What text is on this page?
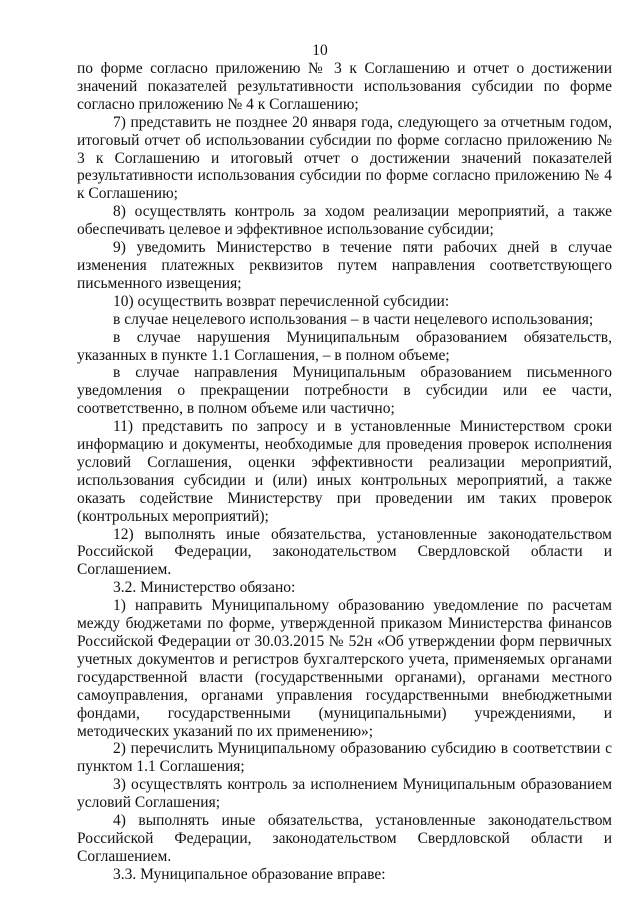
10

по форме согласно приложению № 3 к Соглашению и отчет о достижении значений показателей результативности использования субсидии по форме согласно приложению № 4 к Соглашению;

7) представить не позднее 20 января года, следующего за отчетным годом, итоговый отчет об использовании субсидии по форме согласно приложению № 3 к Соглашению и итоговый отчет о достижении значений показателей результативности использования субсидии по форме согласно приложению № 4 к Соглашению;

8) осуществлять контроль за ходом реализации мероприятий, а также обеспечивать целевое и эффективное использование субсидии;

9) уведомить Министерство в течение пяти рабочих дней в случае изменения платежных реквизитов путем направления соответствующего письменного извещения;

10) осуществить возврат перечисленной субсидии:

в случае нецелевого использования – в части нецелевого использования;

в случае нарушения Муниципальным образованием обязательств, указанных в пункте 1.1 Соглашения, – в полном объеме;

в случае направления Муниципальным образованием письменного уведомления о прекращении потребности в субсидии или ее части, соответственно, в полном объеме или частично;

11) представить по запросу и в установленные Министерством сроки информацию и документы, необходимые для проведения проверок исполнения условий Соглашения, оценки эффективности реализации мероприятий, использования субсидии и (или) иных контрольных мероприятий, а также оказать содействие Министерству при проведении им таких проверок (контрольных мероприятий);

12) выполнять иные обязательства, установленные законодательством Российской Федерации, законодательством Свердловской области и Соглашением.

3.2. Министерство обязано:

1) направить Муниципальному образованию уведомление по расчетам между бюджетами по форме, утвержденной приказом Министерства финансов Российской Федерации от 30.03.2015 № 52н «Об утверждении форм первичных учетных документов и регистров бухгалтерского учета, применяемых органами государственной власти (государственными органами), органами местного самоуправления, органами управления государственными внебюджетными фондами, государственными (муниципальными) учреждениями, и методических указаний по их применению»;

2) перечислить Муниципальному образованию субсидию в соответствии с пунктом 1.1 Соглашения;

3) осуществлять контроль за исполнением Муниципальным образованием условий Соглашения;

4) выполнять иные обязательства, установленные законодательством Российской Федерации, законодательством Свердловской области и Соглашением.

3.3. Муниципальное образование вправе:
